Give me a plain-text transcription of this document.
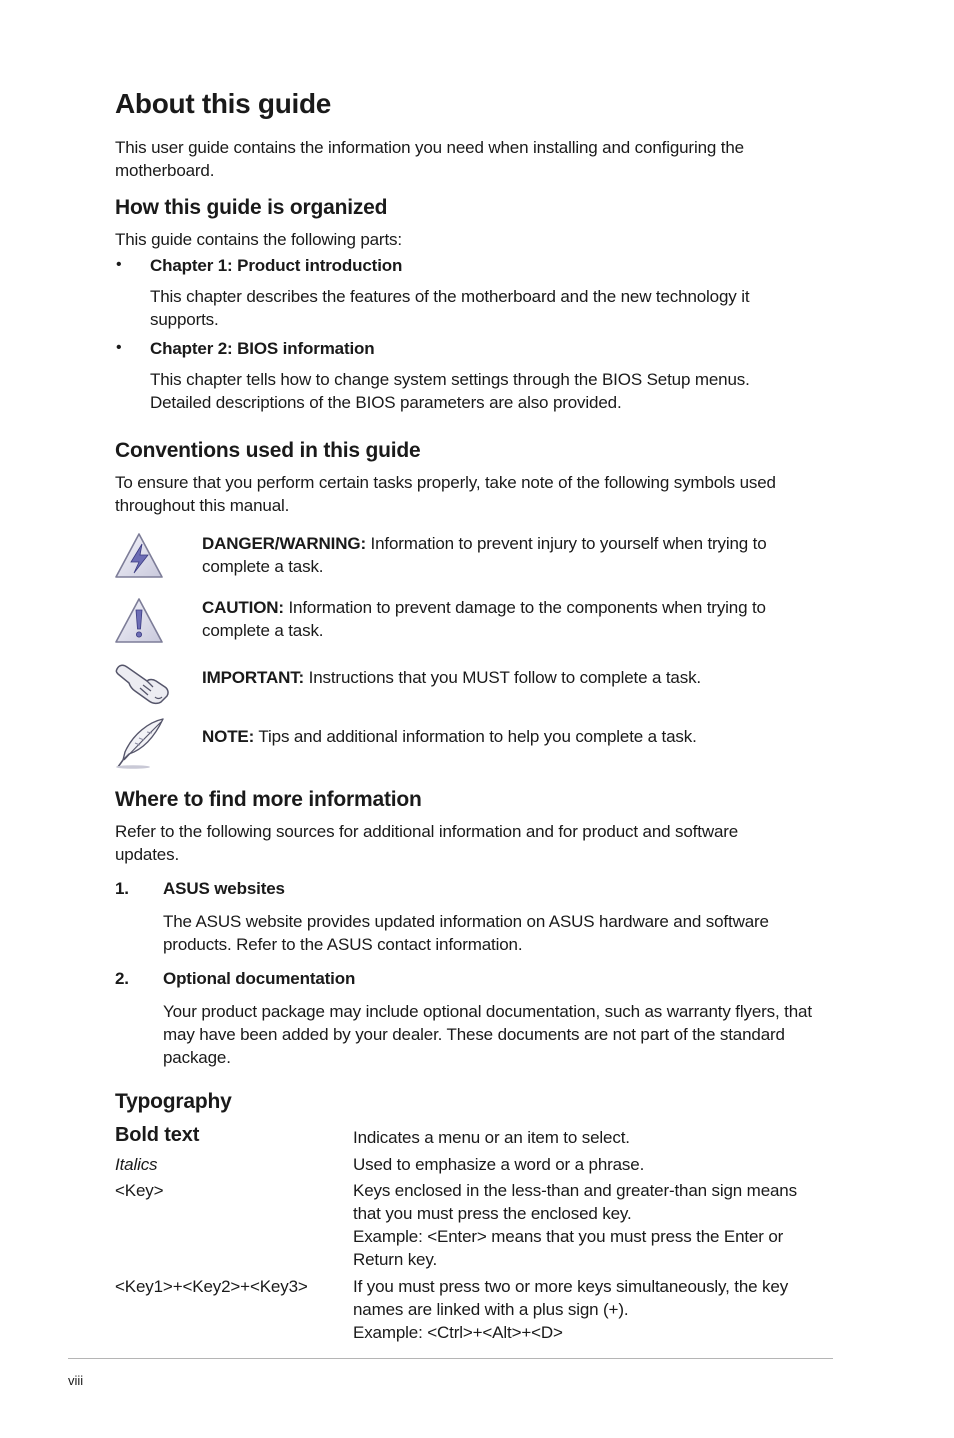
About this guide

This user guide contains the information you need when installing and configuring the motherboard.

How this guide is organized

This guide contains the following parts:

• Chapter 1: Product introduction

This chapter describes the features of the motherboard and the new technology it supports.

• Chapter 2: BIOS information

This chapter tells how to change system settings through the BIOS Setup menus. Detailed descriptions of the BIOS parameters are also provided.

Conventions used in this guide

To ensure that you perform certain tasks properly, take note of the following symbols used throughout this manual.

DANGER/WARNING: Information to prevent injury to yourself when trying to complete a task.

CAUTION: Information to prevent damage to the components when trying to complete a task.

IMPORTANT: Instructions that you MUST follow to complete a task.

NOTE: Tips and additional information to help you complete a task.

Where to find more information

Refer to the following sources for additional information and for product and software updates.

1. ASUS websites

The ASUS website provides updated information on ASUS hardware and software products. Refer to the ASUS contact information.

2. Optional documentation

Your product package may include optional documentation, such as warranty flyers, that may have been added by your dealer. These documents are not part of the standard package.

Typography

Bold text	Indicates a menu or an item to select.

Italics	Used to emphasize a word or a phrase.

<Key>	Keys enclosed in the less-than and greater-than sign means that you must press the enclosed key.

Example: <Enter> means that you must press the Enter or Return key.

<Key1>+<Key2>+<Key3>	If you must press two or more keys simultaneously, the key names are linked with a plus sign (+).

Example: <Ctrl>+<Alt>+<D>

viii
